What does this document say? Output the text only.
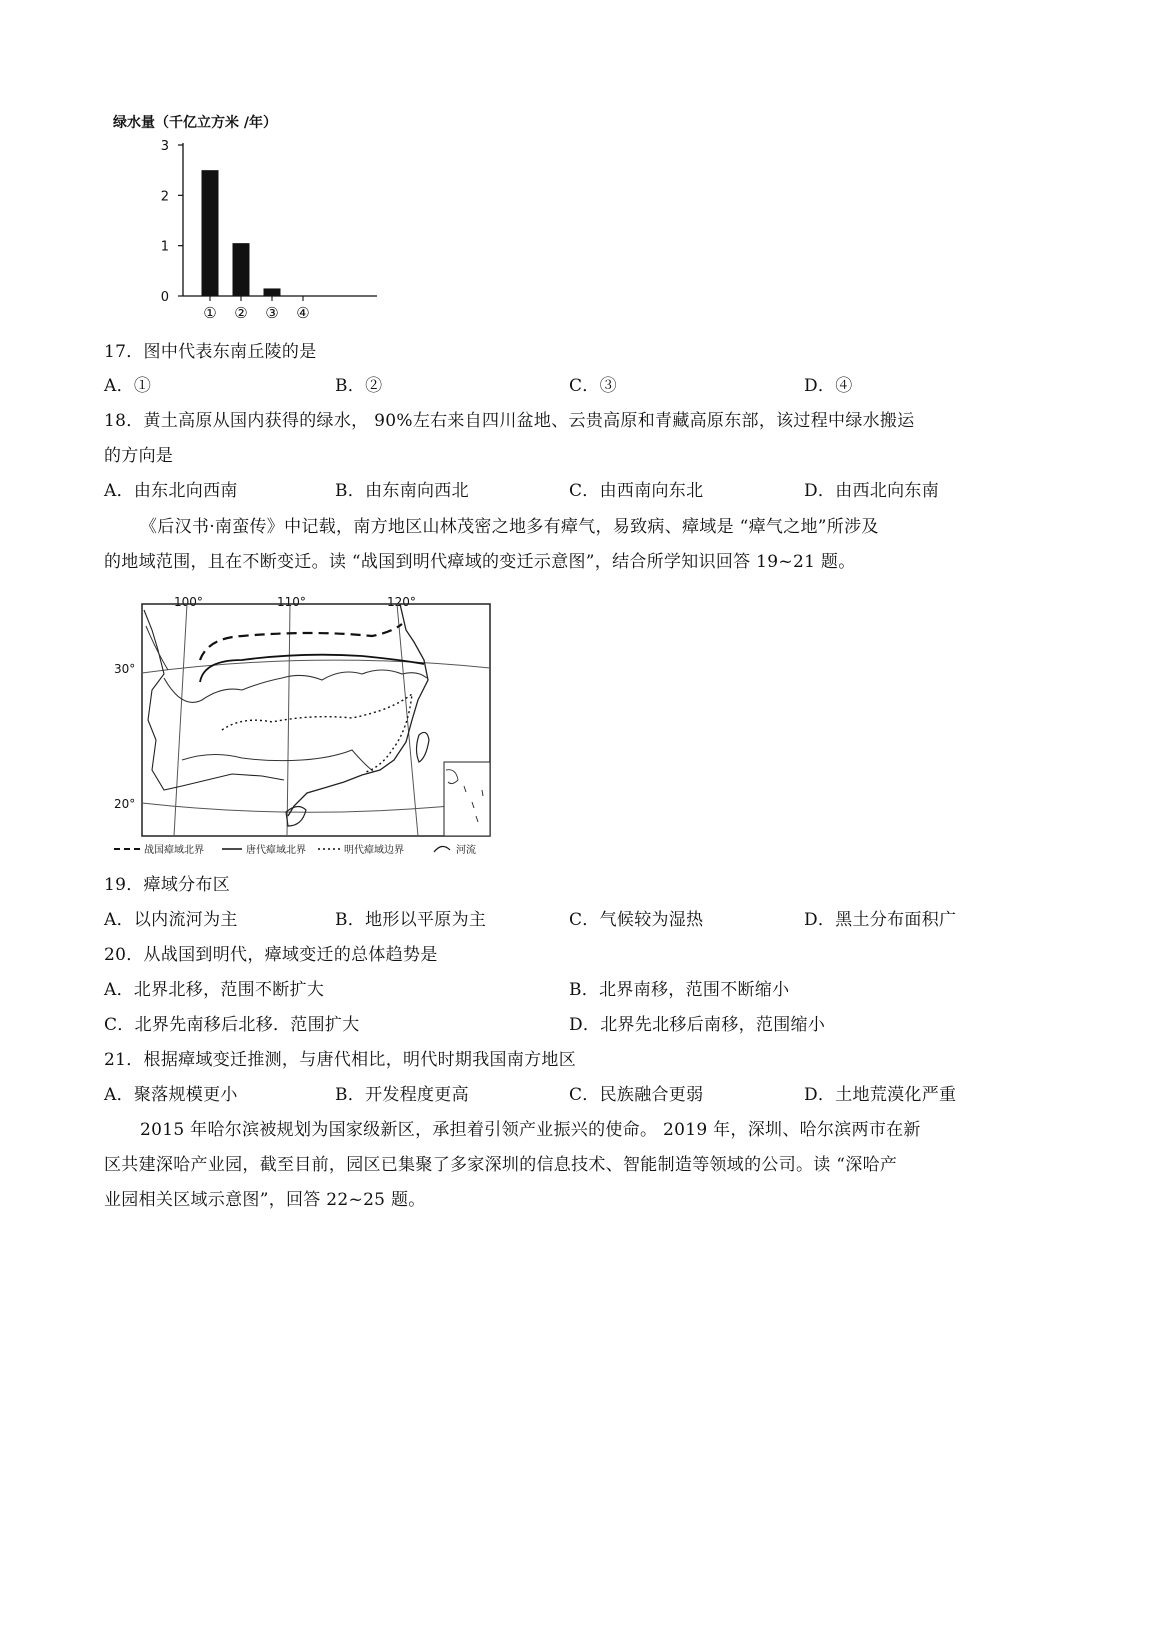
绿水量（千亿立方米 /年）
0
1
2
3
① ② ③ ④
17．图中代表东南丘陵的是
A．①	B．②	C．③	D．④
18．黄土高原从国内获得的绿水， 90%左右来自四川盆地、云贵高原和青藏高原东部，该过程中绿水搬运
的方向是
A．由东北向西南	B．由东南向西北	C．由西南向东北	D．由西北向东南
《后汉书·南蛮传》中记载，南方地区山林茂密之地多有瘴气，易致病、瘴域是 “瘴气之地”所涉及
的地域范围，且在不断变迁。读 “战国到明代瘴域的变迁示意图”，结合所学知识回答 19~21 题。
100°	110°	120°
30°
20°
战国瘴域北界	唐代瘴域北界	明代瘴域边界	河流
19．瘴域分布区
A．以内流河为主	B．地形以平原为主	C．气候较为湿热	D．黑土分布面积广
20．从战国到明代，瘴域变迁的总体趋势是
A．北界北移，范围不断扩大	B．北界南移，范围不断缩小
C．北界先南移后北移．范围扩大	D．北界先北移后南移，范围缩小
21．根据瘴域变迁推测，与唐代相比，明代时期我国南方地区
A．聚落规模更小	B．开发程度更高	C．民族融合更弱	D．土地荒漠化严重
2015 年哈尔滨被规划为国家级新区，承担着引领产业振兴的使命。 2019 年，深圳、哈尔滨两市在新
区共建深哈产业园，截至目前，园区已集聚了多家深圳的信息技术、智能制造等领域的公司。读 “深哈产
业园相关区域示意图”，回答 22~25 题。
